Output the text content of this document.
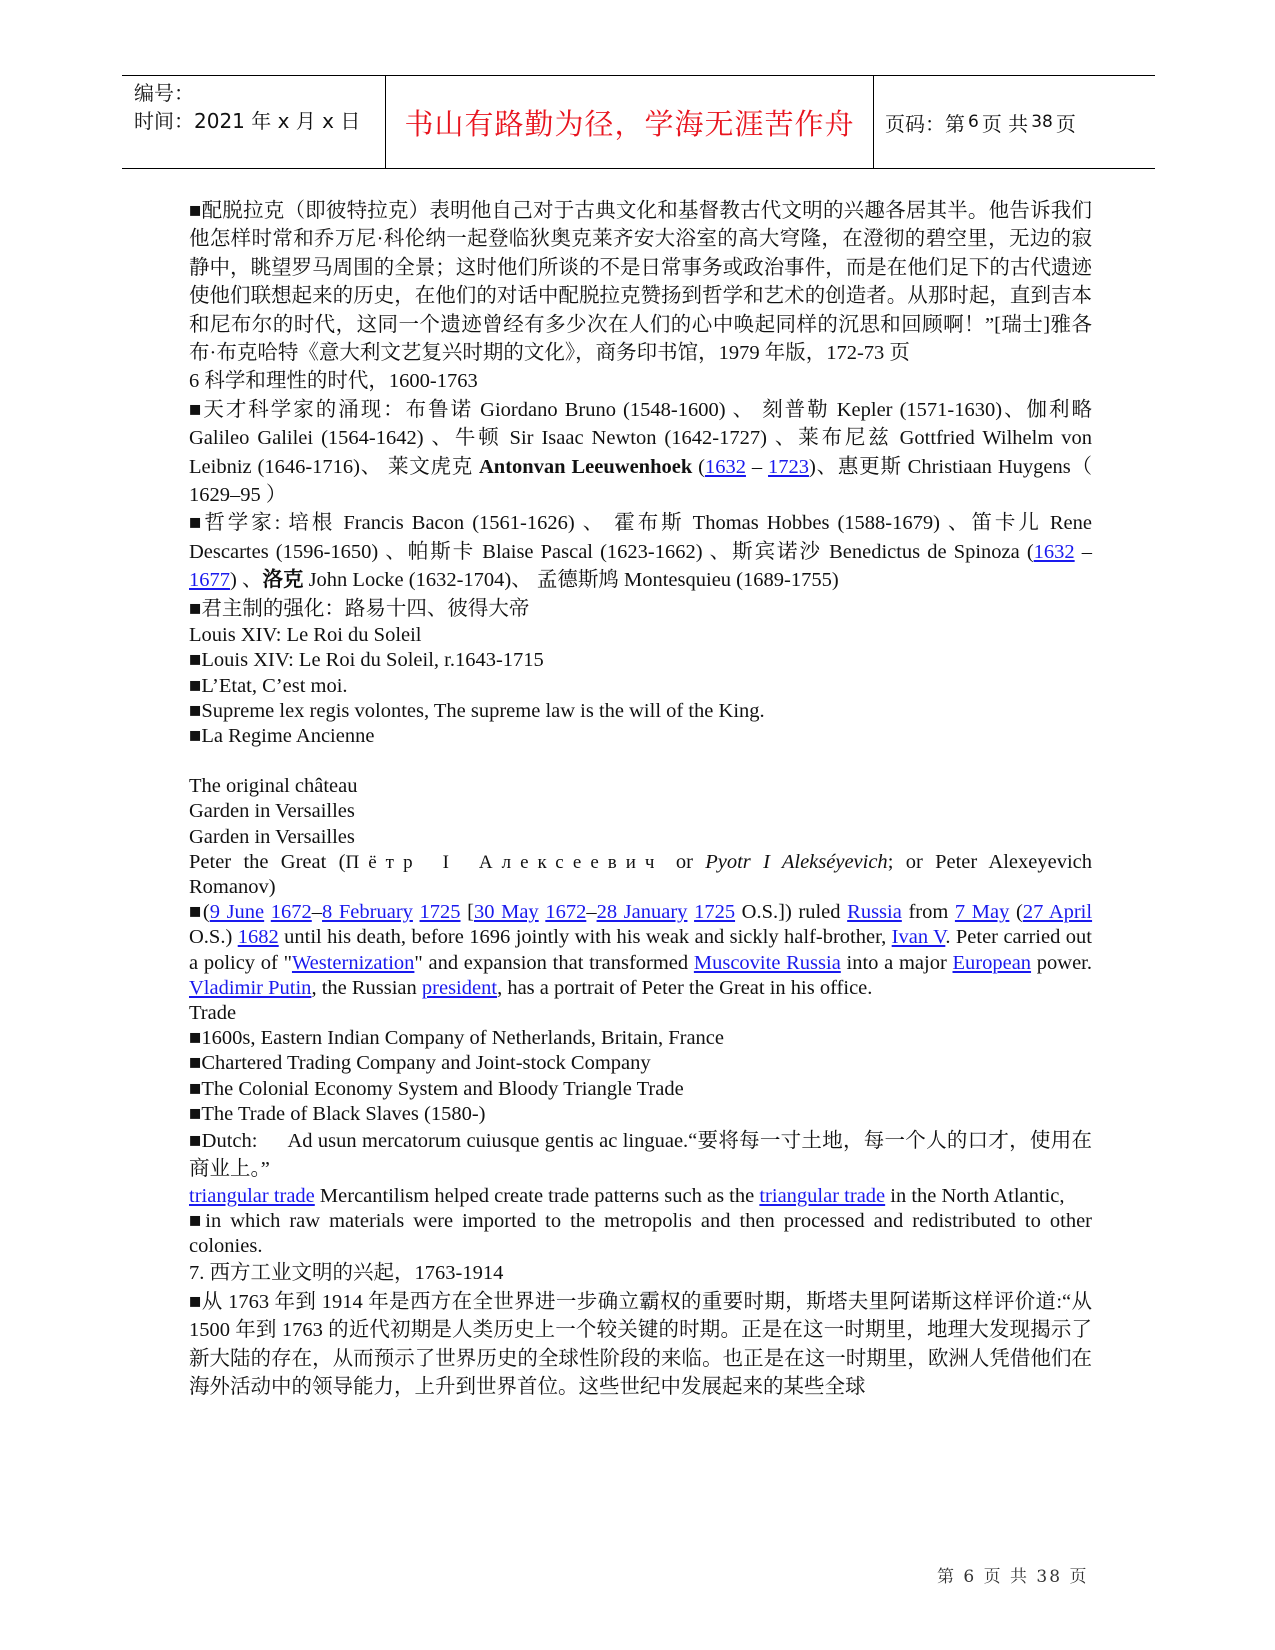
编号：
时间：2021 年 x 月 x 日	书山有路勤为径，学海无涯苦作舟	页码：第 6 页 共 38 页

■配脱拉克（即彼特拉克）表明他自己对于古典文化和基督教古代文明的兴趣各居其半。他告诉我们他怎样时常和乔万尼·科伦纳一起登临狄奥克莱齐安大浴室的高大穹隆，在澄彻的碧空里，无边的寂静中，眺望罗马周围的全景；这时他们所谈的不是日常事务或政治事件，而是在他们足下的古代遗迹使他们联想起来的历史，在他们的对话中配脱拉克赞扬到哲学和艺术的创造者。从那时起，直到吉本和尼布尔的时代，这同一个遗迹曾经有多少次在人们的心中唤起同样的沉思和回顾啊！”[瑞士]雅各布·布克哈特《意大利文艺复兴时期的文化》，商务印书馆，1979 年版，172-73 页

6 科学和理性的时代，1600-1763

■天才科学家的涌现：布鲁诺 Giordano Bruno (1548-1600) 、 刻普勒 Kepler (1571-1630)、伽利略 Galileo Galilei (1564-1642) 、牛顿 Sir Isaac Newton (1642-1727) 、莱布尼兹 Gottfried Wilhelm von Leibniz (1646-1716)、 莱文虎克 Antonvan Leeuwenhoek (1632 – 1723)、惠更斯 Christiaan Huygens（ 1629–95 ）

■哲学家: 培根 Francis Bacon (1561-1626) 、 霍布斯 Thomas Hobbes (1588-1679) 、笛卡儿 Rene Descartes (1596-1650) 、帕斯卡 Blaise Pascal (1623-1662) 、斯宾诺沙 Benedictus de Spinoza (1632 –1677) 、洛克 John Locke (1632-1704)、 孟德斯鸠 Montesquieu (1689-1755)

■君主制的强化：路易十四、彼得大帝

Louis XIV: Le Roi du Soleil

■Louis XIV: Le Roi du Soleil, r.1643-1715

■L’Etat, C’est moi.

■Supreme lex regis volontes, The supreme law is the will of the King.

■La Regime Ancienne

The original château

Garden in Versailles

Garden in Versailles

Peter the Great (Пётр I Алексеевич or Pyotr I Alekséyevich; or Peter Alexeyevich Romanov)

■(9 June 1672–8 February 1725 [30 May 1672–28 January 1725 O.S.]) ruled Russia from 7 May (27 April O.S.) 1682 until his death, before 1696 jointly with his weak and sickly half-brother, Ivan V. Peter carried out a policy of "Westernization" and expansion that transformed Muscovite Russia into a major European power. Vladimir Putin, the Russian president, has a portrait of Peter the Great in his office.

Trade

■1600s, Eastern Indian Company of Netherlands, Britain, France

■Chartered Trading Company and Joint-stock Company

■The Colonial Economy System and Bloody Triangle Trade

■The Trade of Black Slaves (1580-)

■Dutch: Ad usun mercatorum cuiusque gentis ac linguae.“要将每一寸土地，每一个人的口才，使用在商业上。”

triangular trade Mercantilism helped create trade patterns such as the triangular trade in the North Atlantic,

■in which raw materials were imported to the metropolis and then processed and redistributed to other colonies.

7. 西方工业文明的兴起，1763-1914

■从 1763 年到 1914 年是西方在全世界进一步确立霸权的重要时期，斯塔夫里阿诺斯这样评价道:“从 1500 年到 1763 的近代初期是人类历史上一个较关键的时期。正是在这一时期里，地理大发现揭示了新大陆的存在，从而预示了世界历史的全球性阶段的来临。也正是在这一时期里，欧洲人凭借他们在海外活动中的领导能力，上升到世界首位。这些世纪中发展起来的某些全球

第 6 页 共 38 页
